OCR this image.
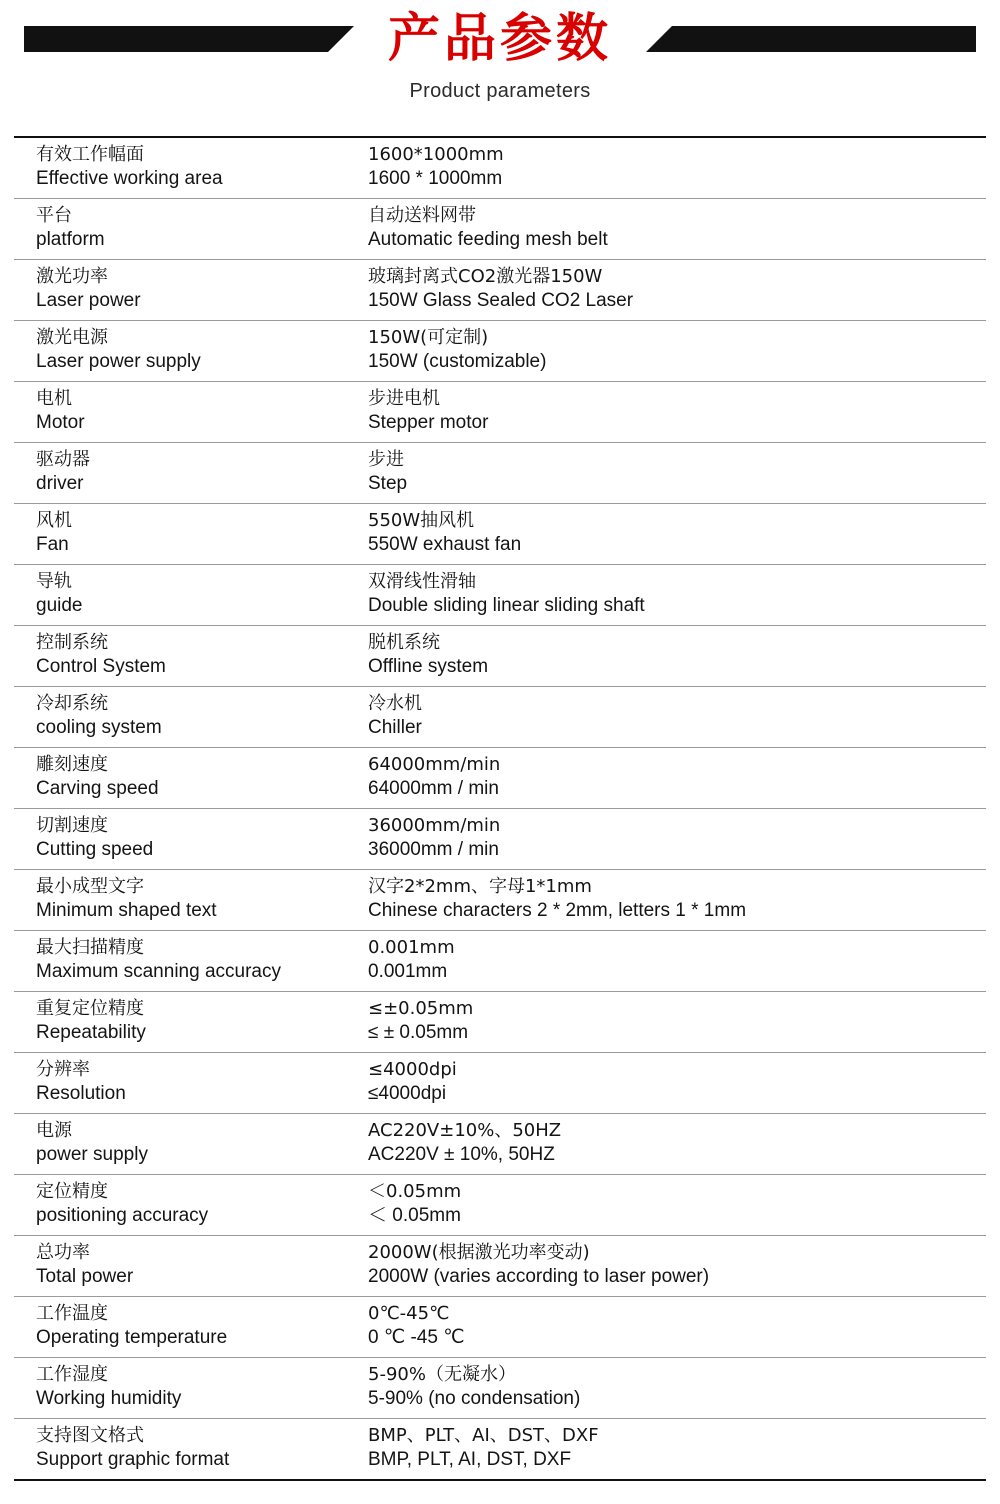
产品参数
Product parameters
有效工作幅面
Effective working area
1600*1000mm
1600 * 1000mm
平台
platform
自动送料网带
Automatic feeding mesh belt
激光功率
Laser power
玻璃封离式CO2激光器150W
150W Glass Sealed CO2 Laser
激光电源
Laser power supply
150W(可定制)
150W (customizable)
电机
Motor
步进电机
Stepper motor
驱动器
driver
步进
Step
风机
Fan
550W抽风机
550W exhaust fan
导轨
guide
双滑线性滑轴
Double sliding linear sliding shaft
控制系统
Control System
脱机系统
Offline system
冷却系统
cooling system
冷水机
Chiller
雕刻速度
Carving speed
64000mm/min
64000mm / min
切割速度
Cutting speed
36000mm/min
36000mm / min
最小成型文字
Minimum shaped text
汉字2*2mm、字母1*1mm
Chinese characters 2 * 2mm, letters 1 * 1mm
最大扫描精度
Maximum scanning accuracy
0.001mm
0.001mm
重复定位精度
Repeatability
≤±0.05mm
≤ ± 0.05mm
分辨率
Resolution
≤4000dpi
≤4000dpi
电源
power supply
AC220V±10%、50HZ
AC220V ± 10%, 50HZ
定位精度
positioning accuracy
＜0.05mm
＜ 0.05mm
总功率
Total power
2000W(根据激光功率变动)
2000W (varies according to laser power)
工作温度
Operating temperature
0℃-45℃
0 ℃ -45 ℃
工作湿度
Working humidity
5-90%（无凝水）
5-90% (no condensation)
支持图文格式
Support graphic format
BMP、PLT、AI、DST、DXF
BMP, PLT, AI, DST, DXF
